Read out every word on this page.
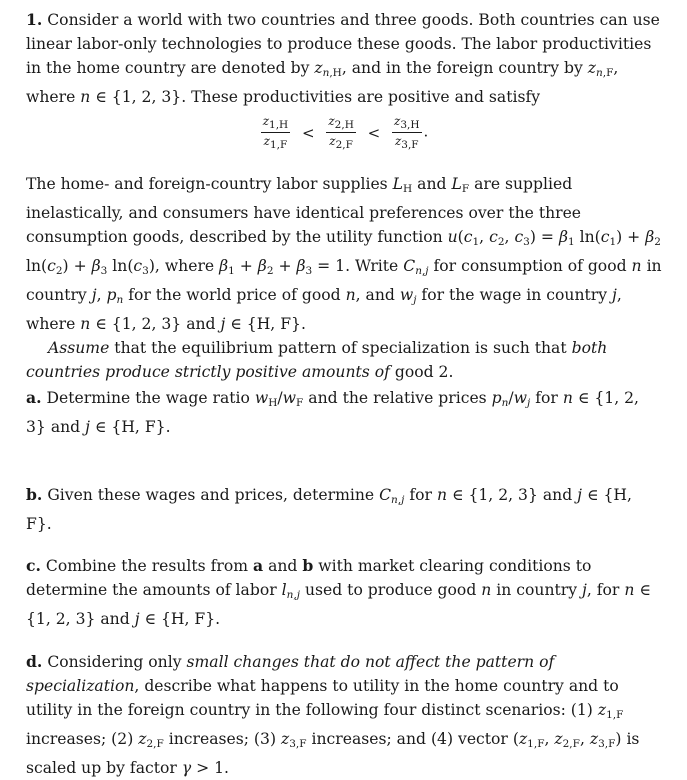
1. Consider a world with two countries and three goods. Both countries can use linear labor-only technologies to produce these goods. The labor productivities in the home country are denoted by $zn_{,H}$, and in the foreign country by $zn_{,F}$, where n ∈ {1, 2, 3}. These productivities are positive and satisfy

$\frac{z1,H}{z1,F} < \frac{z2,H}{z2,F} < \frac{z3,H}{z3,F}$ .

The home- and foreign-country labor supplies $L_H$ and $L_F$ are supplied inelastically, and consumers have identical preferences over the three consumption goods, described by the utility function $u(c_1$, $c_2$, $c_3) = \beta_1$ $\ln(c_1) + \beta_2$ $\ln(c_2) + \beta_3$ $\ln(c_3)$, where $\beta_1 + \beta_2 + \beta_3 = 1$. Write Cn,j for consumption of good n in country j, pn for the world price of good n, and wj for the wage in country j, where n ∈ {1, 2, 3} and j ∈ {H, F}.

Assume that the equilibrium pattern of specialization is such that both countries produce strictly positive amounts of good 2.

a. Determine the wage ratio $w_H/w_F$ and the relative prices pn/wj for n ∈ {1, 2, 3} and j ∈ {H, F}.

b. Given these wages and prices, determine Cn,j for n ∈ {1, 2, 3} and j ∈ {H, F}.

c. Combine the results from a and b with market clearing conditions to determine the amounts of labor ln,j used to produce good n in country j, for n ∈ {1, 2, 3} and j ∈ {H, F}.

d. Considering only small changes that do not affect the pattern of specialization, describe what happens to utility in the home country and to utility in the foreign country in the following four distinct scenarios: (1) $z_{1,F}$ increases; (2) $z_{2,F}$ increases; (3) $z_{3,F}$ increases; and (4) vector ($z_{1,F}$, $z_{2,F}$, $z_{3,F}$) is scaled up by factor γ > 1.
